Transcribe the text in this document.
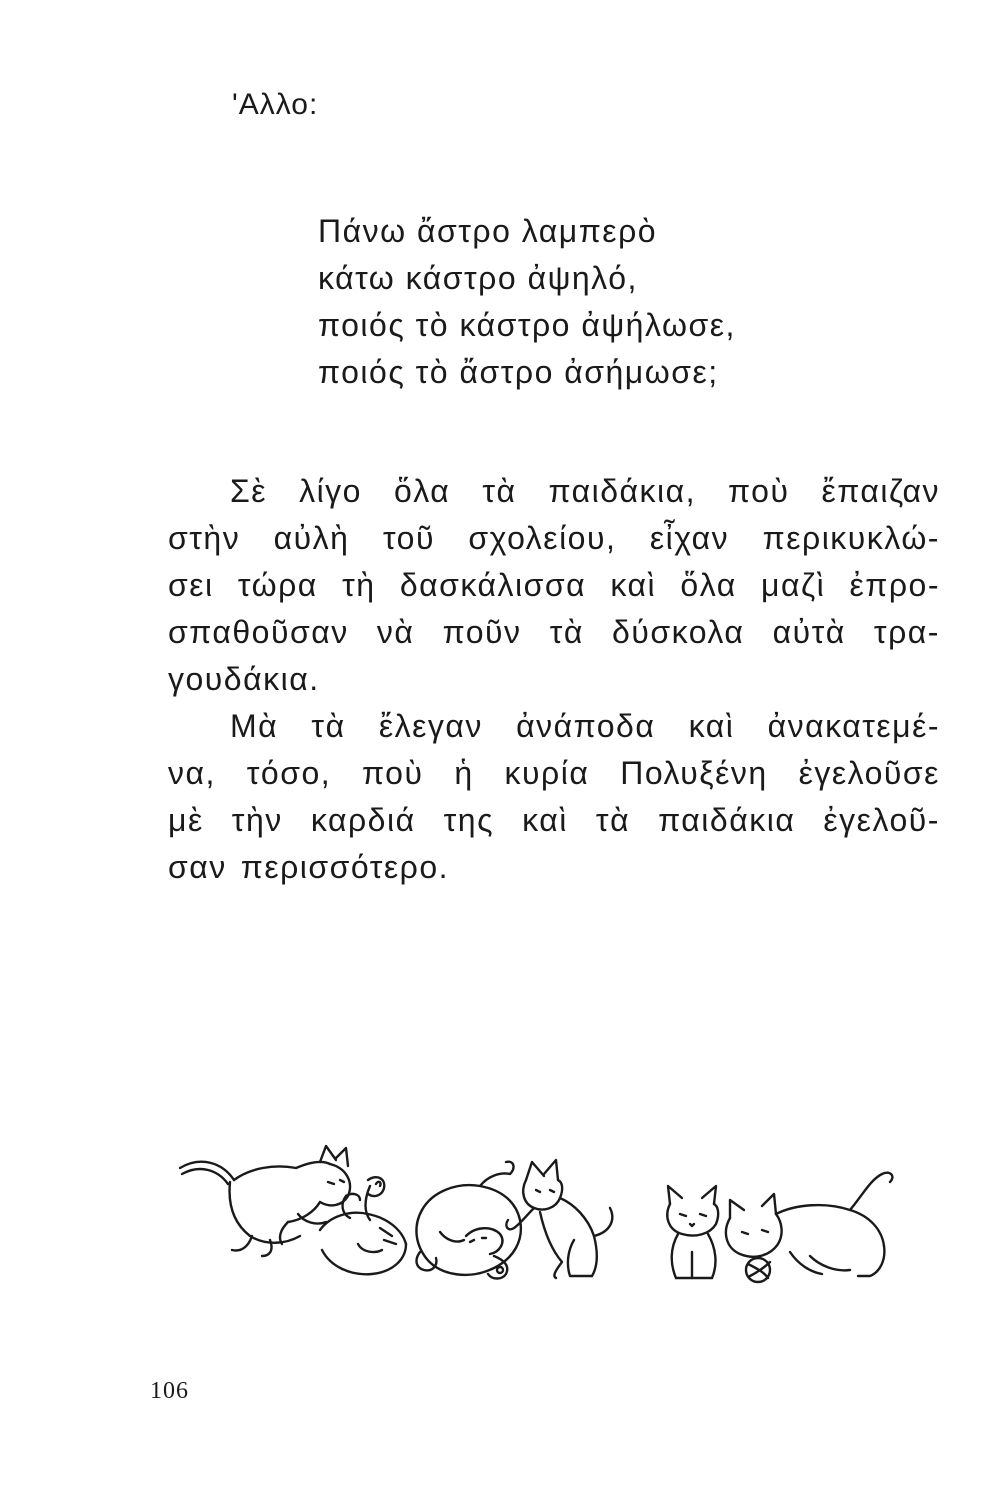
'Αλλο:
Πάνω ἄστρο λαμπερὸ
κάτω κάστρο ἀψηλό,
ποιός τὸ κάστρο ἀψήλωσε,
ποιός τὸ ἄστρο ἀσήμωσε;
Σὲ λίγο ὅλα τὰ παιδάκια, ποὺ ἔπαιζαν
στὴν αὐλὴ τοῦ σχολείου, εἶχαν περικυκλώ-
σει τώρα τὴ δασκάλισσα καὶ ὅλα μαζὶ ἐπρο-
σπαθοῦσαν νὰ ποῦν τὰ δύσκολα αὐτὰ τρα-
γουδάκια.
Μὰ τὰ ἔλεγαν ἀνάποδα καὶ ἀνακατεμέ-
να, τόσο, ποὺ ἡ κυρία Πολυξένη ἐγελοῦσε
μὲ τὴν καρδιά της καὶ τὰ παιδάκια ἐγελοῦ-
σαν περισσότερο.
106
